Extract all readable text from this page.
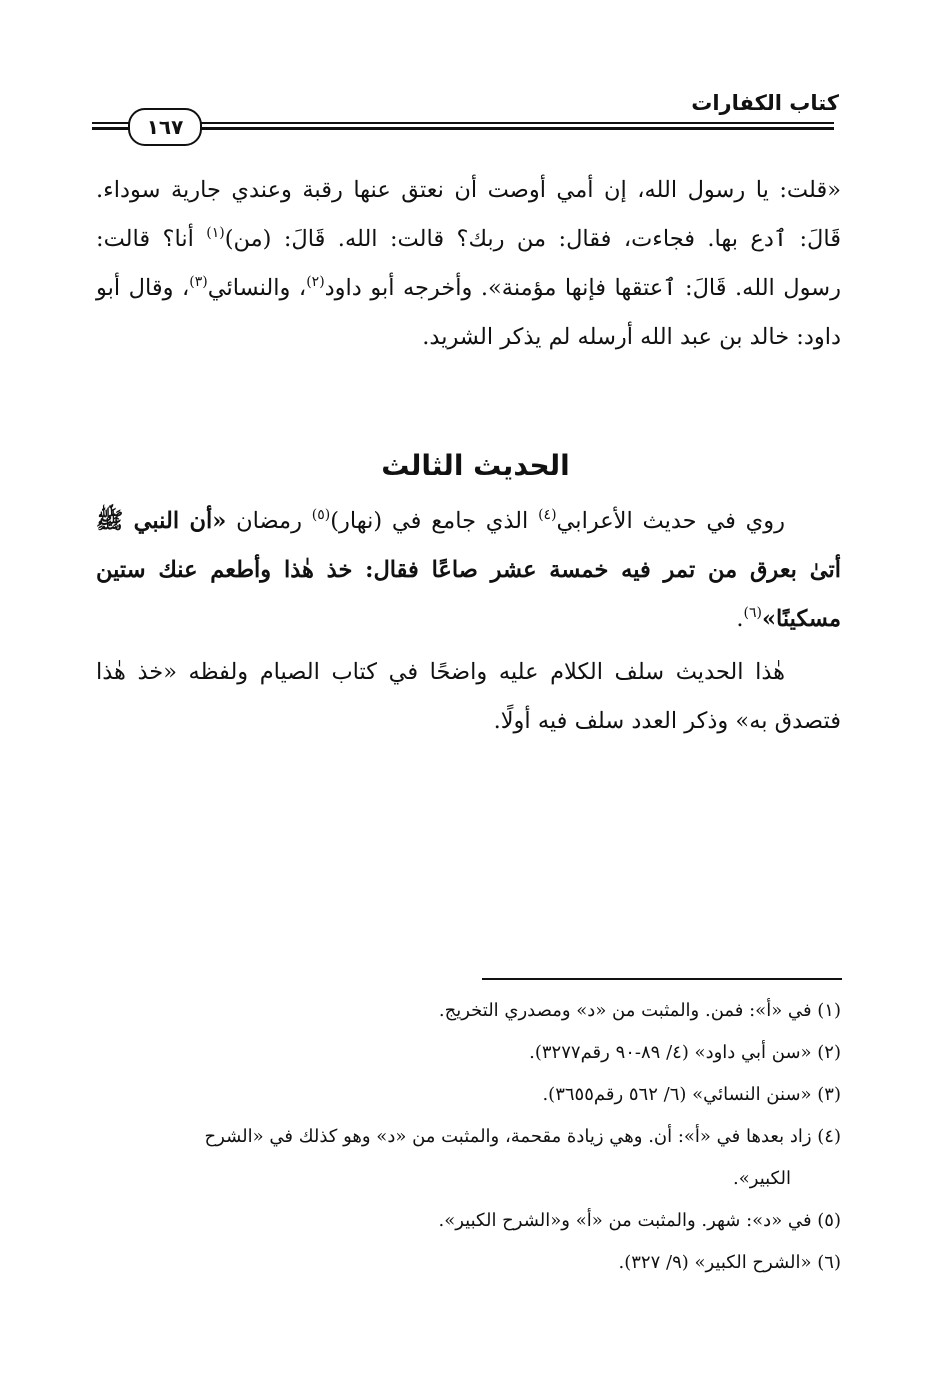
كتاب الكفارات
١٦٧
«قلت: يا رسول الله، إن أمي أوصت أن نعتق عنها رقبة وعندي جارية سوداء. قَالَ: ٱدع بها. فجاءت، فقال: من ربك؟ قالت: الله. قَالَ: (من)$^{(١)}$ أنا؟ قالت: رسول الله. قَالَ: ٱعتقها فإنها مؤمنة». وأخرجه أبو داود$^{(٢)}$، والنسائي$^{(٣)}$، وقال أبو داود: خالد بن عبد الله أرسله لم يذكر الشريد.
الحديث الثالث
روي في حديث الأعرابي$^{(٤)}$ الذي جامع في (نهار)$^{(٥)}$ رمضان «أن النبي ﷺ أتىٰ بعرق من تمر فيه خمسة عشر صاعًا فقال: خذ هٰذا وأطعم عنك ستين مسكينًا»$^{(٦)}$.
هٰذا الحديث سلف الكلام عليه واضحًا في كتاب الصيام ولفظه «خذ هٰذا فتصدق به» وذكر العدد سلف فيه أولًا.

(١) في «أ»: فمن. والمثبت من «د» ومصدري التخريج.

(٢) «سن أبي داود» (٤/ ٨٩-٩٠ رقم٣٢٧٧).

(٣) «سنن النسائي» (٦/ ٥٦٢ رقم٣٦٥٥).

(٤) زاد بعدها في «أ»: أن. وهي زيادة مقحمة، والمثبت من «د» وهو كذلك في «الشرح

الكبير».

(٥) في «د»: شهر. والمثبت من «أ» و«الشرح الكبير».

(٦) «الشرح الكبير» (٩/ ٣٢٧).
